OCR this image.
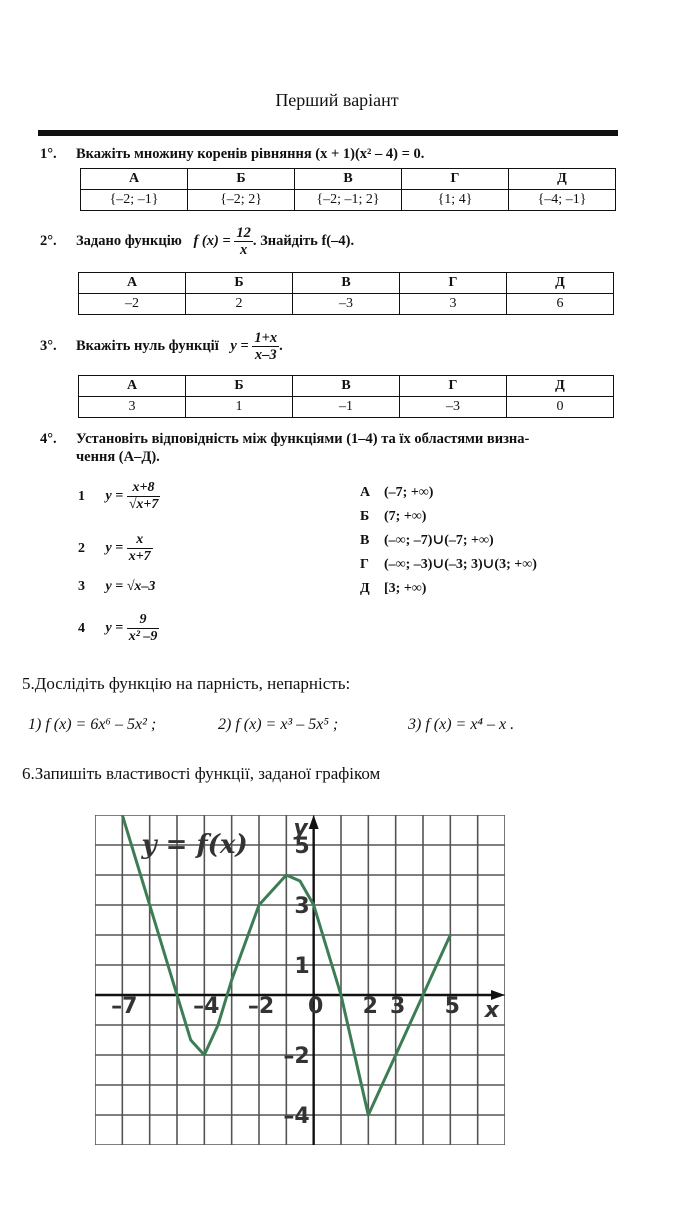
Перший варіант
1°. Вкажіть множину коренів рівняння (x + 1)(x² – 4) = 0.
А	Б	В	Г	Д
{–2; –1}	{–2; 2}	{–2; –1; 2}	{1; 4}	{–4; –1}
2°. Задано функцію f $(x) = \frac{12}{x}$ . Знайдіть f(–4).
А	Б	В	Г	Д
–2	2	–3	3	6
3°. Вкажіть нуль функції $y = \frac{1+x}{x-3}$ .
А	Б	В	Г	Д
3	1	–1	–3	0
4°. Установіть відповідність між функціями (1–4) та їх областями визна-
чення (А–Д).
1 $y = \frac{x+8}{√x+7}$
2 $y = \frac{x}{x+7}$
3 y = √x–3
4 $y = \frac{9}{\text{x² –9}}$
А (–7; +∞)
Б (7; +∞)
В (–∞; –7)∪(–7; +∞)
Г (–∞; –3)∪(–3; 3)∪(3; +∞)
Д [3; +∞)
5.Дослідіть функцію на парність, непарність:
1) f (x) = 6x⁶ – 5x² ;	2) f (x) = x³ – 5x⁵ ;	3) f (x) = x⁴ – x .
6.Запишіть властивості функції, заданої графіком
–7	–4 –2 0 2 3 5
5
3
1
–2
–4
x
y
y = f(x)
